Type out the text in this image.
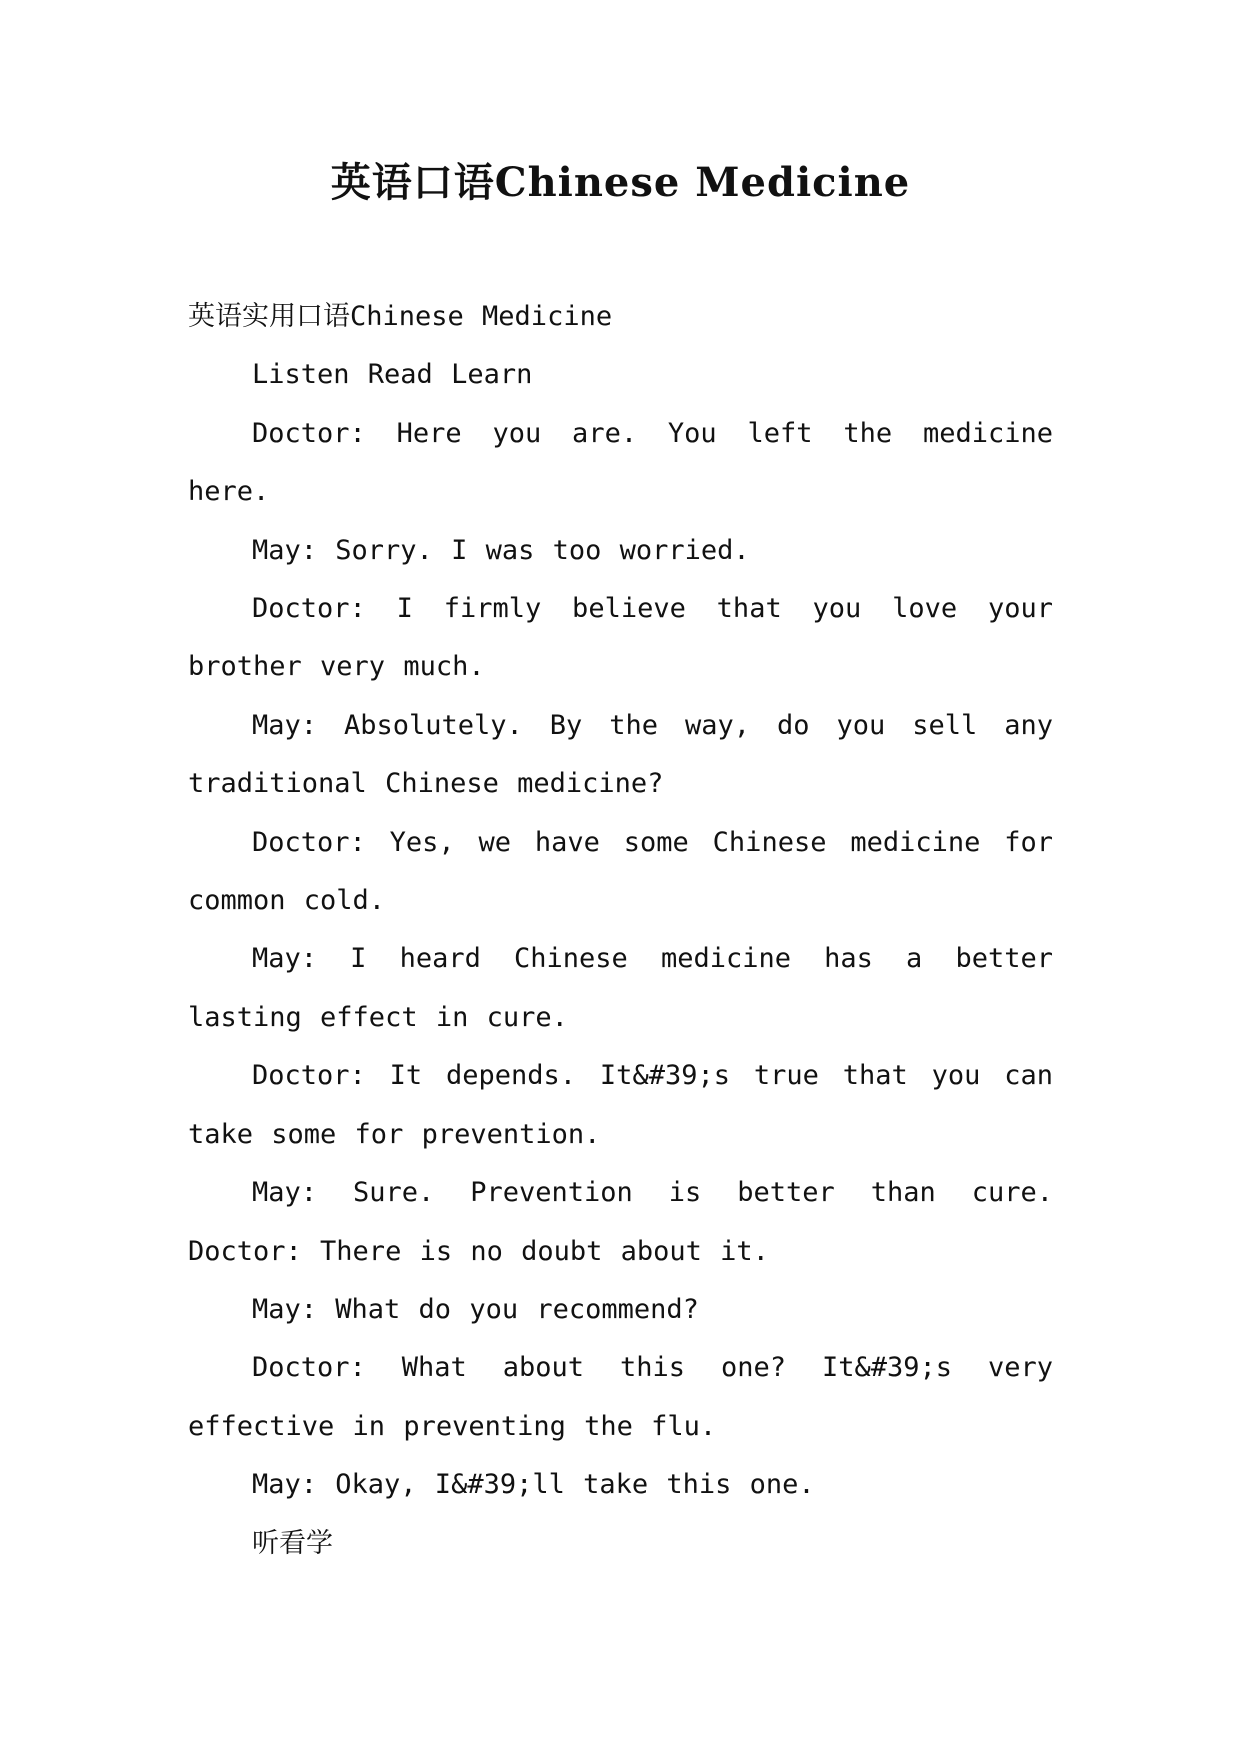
英语口语Chinese Medicine

英语实用口语Chinese Medicine

Listen Read Learn

Doctor: Here you are. You left the medicine here.

May: Sorry. I was too worried.

Doctor: I firmly believe that you love your brother very much.

May: Absolutely. By the way, do you sell any traditional Chinese medicine?

Doctor: Yes, we have some Chinese medicine for common cold.

May: I heard Chinese medicine has a better lasting effect in cure.

Doctor: It depends. It&#39;s true that you can take some for prevention.

May: Sure. Prevention is better than cure. Doctor: There is no doubt about it.

May: What do you recommend?

Doctor: What about this one? It&#39;s very effective in preventing the flu.

May: Okay, I&#39;ll take this one.

听看学
